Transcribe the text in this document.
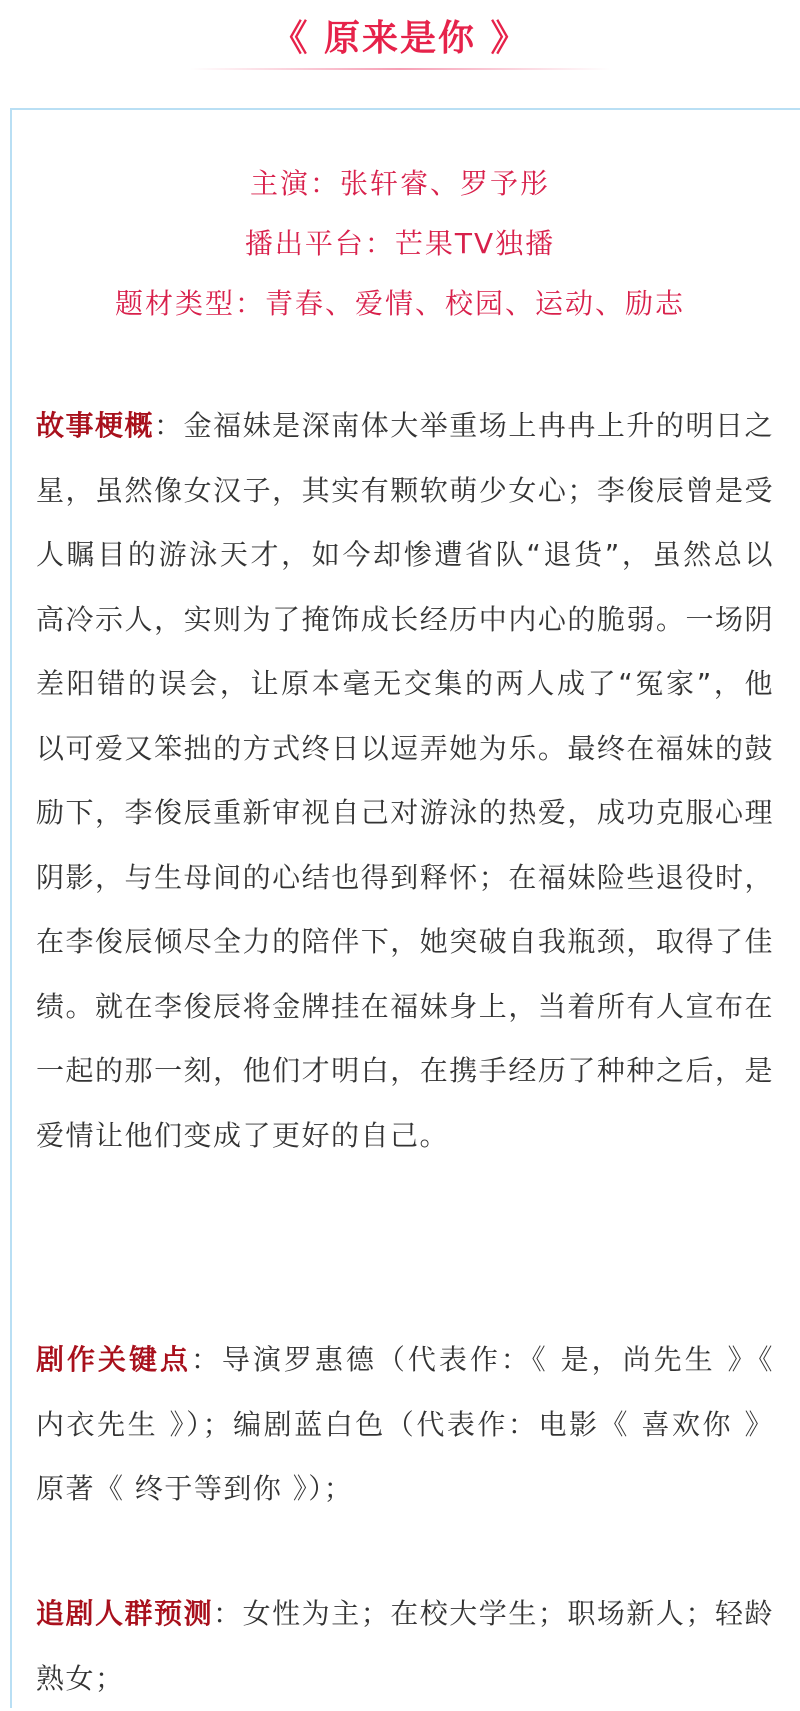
《 原来是你 》
主演：张轩睿、罗予彤
播出平台：芒果TV独播
题材类型：青春、爱情、校园、运动、励志
故事梗概：金福妹是深南体大举重场上冉冉上升的明日之星，虽然像女汉子，其实有颗软萌少女心；李俊辰曾是受人瞩目的游泳天才，如今却惨遭省队“退货”，虽然总以高冷示人，实则为了掩饰成长经历中内心的脆弱。一场阴差阳错的误会，让原本毫无交集的两人成了“冤家”，他以可爱又笨拙的方式终日以逗弄她为乐。最终在福妹的鼓励下，李俊辰重新审视自己对游泳的热爱，成功克服心理阴影，与生母间的心结也得到释怀；在福妹险些退役时，在李俊辰倾尽全力的陪伴下，她突破自我瓶颈，取得了佳绩。就在李俊辰将金牌挂在福妹身上，当着所有人宣布在一起的那一刻，他们才明白，在携手经历了种种之后，是爱情让他们变成了更好的自己。
剧作关键点：导演罗惠德（代表作：《 是，尚先生 》《 内衣先生 》）；编剧蓝白色（代表作：电影《 喜欢你 》原著《 终于等到你 》）；
追剧人群预测：女性为主；在校大学生；职场新人；轻龄熟女；
